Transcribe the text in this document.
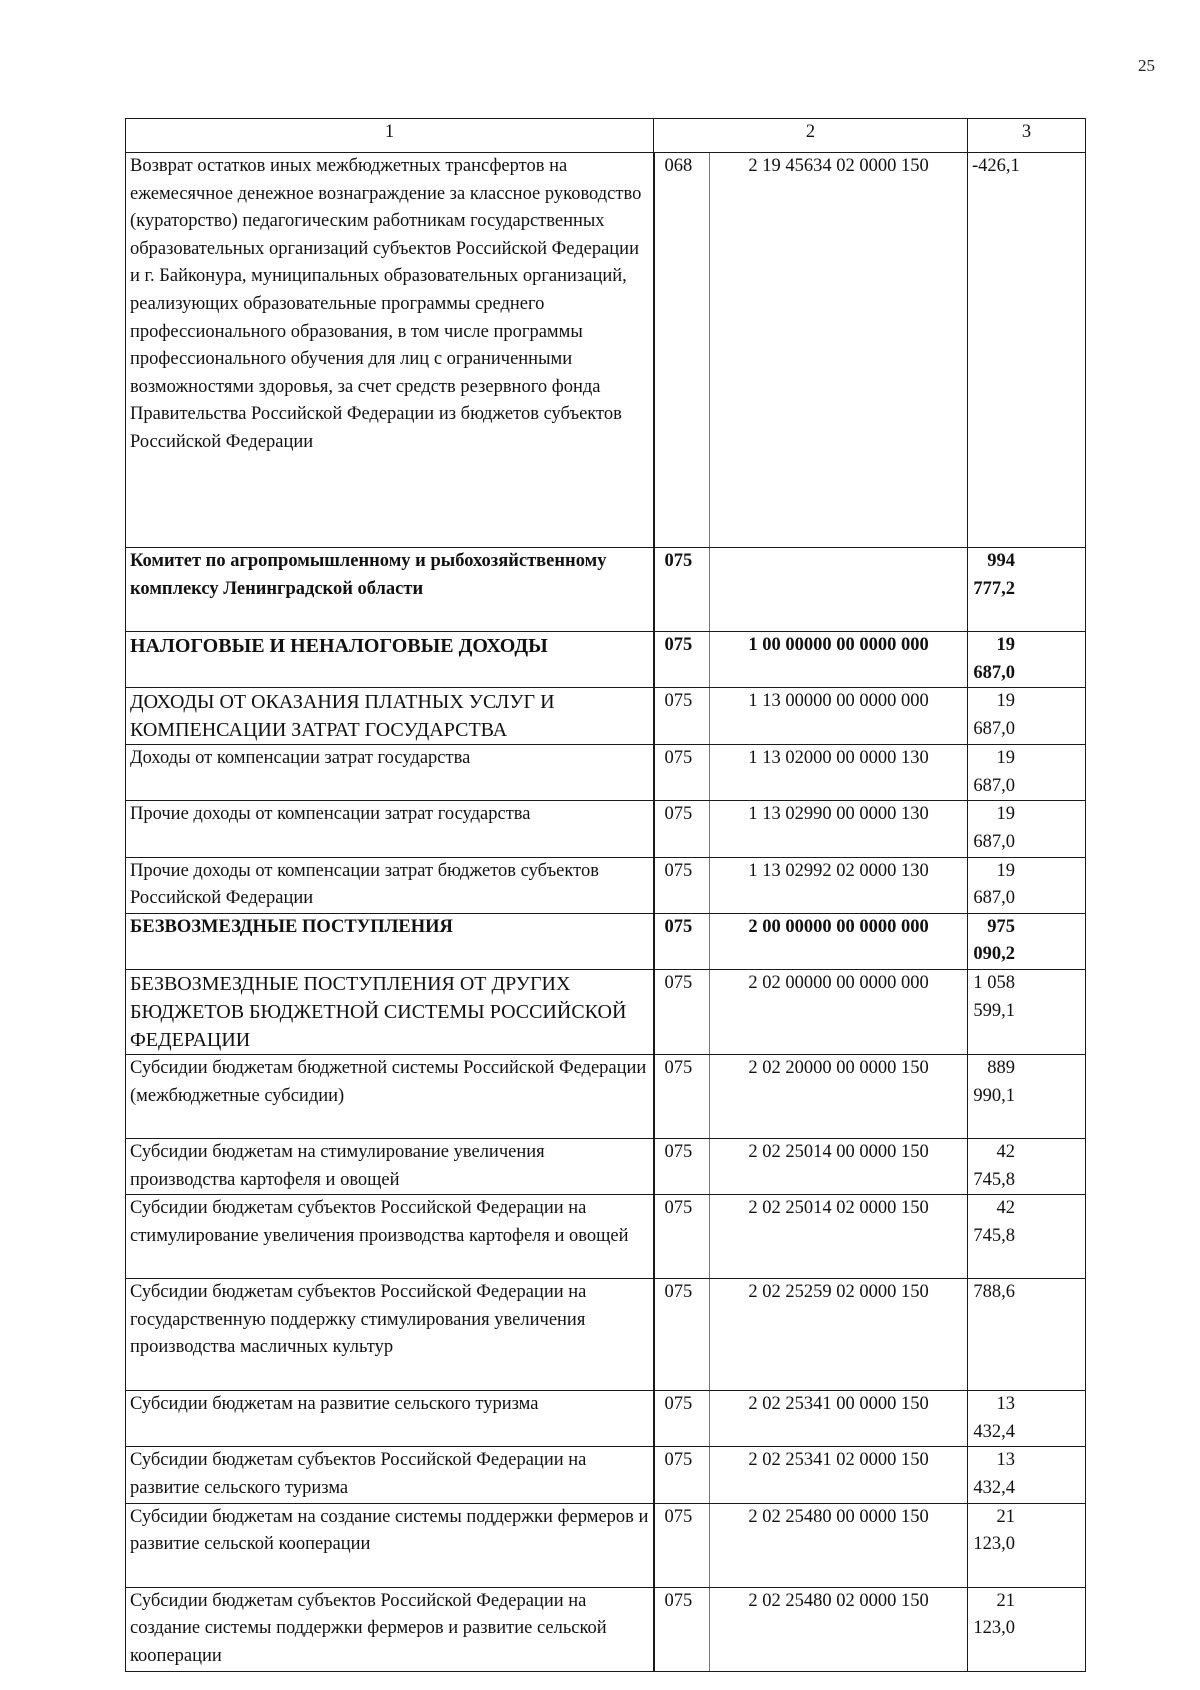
25
1	2		3
Возврат остатков иных межбюджетных трансфертов на ежемесячное денежное вознаграждение за классное руководство (кураторство) педагогическим работникам государственных образовательных организаций субъектов Российской Федерации и г. Байконура, муниципальных образовательных организаций, реализующих образовательные программы среднего профессионального образования, в том числе программы профессионального обучения для лиц с ограниченными возможностями здоровья, за счет средств резервного фонда Правительства Российской Федерации из бюджетов субъектов Российской Федерации	068	2 19 45634 02 0000 150	-426,1
Комитет по агропромышленному и рыбохозяйственному комплексу Ленинградской области	075		994 777,2
НАЛОГОВЫЕ И НЕНАЛОГОВЫЕ ДОХОДЫ	075	1 00 00000 00 0000 000	19 687,0
ДОХОДЫ ОТ ОКАЗАНИЯ ПЛАТНЫХ УСЛУГ И КОМПЕНСАЦИИ ЗАТРАТ ГОСУДАРСТВА	075	1 13 00000 00 0000 000	19 687,0
Доходы от компенсации затрат государства	075	1 13 02000 00 0000 130	19 687,0
Прочие доходы от компенсации затрат государства	075	1 13 02990 00 0000 130	19 687,0
Прочие доходы от компенсации затрат бюджетов субъектов Российской Федерации	075	1 13 02992 02 0000 130	19 687,0
БЕЗВОЗМЕЗДНЫЕ ПОСТУПЛЕНИЯ	075	2 00 00000 00 0000 000	975 090,2
БЕЗВОЗМЕЗДНЫЕ ПОСТУПЛЕНИЯ ОТ ДРУГИХ БЮДЖЕТОВ БЮДЖЕТНОЙ СИСТЕМЫ РОССИЙСКОЙ ФЕДЕРАЦИИ	075	2 02 00000 00 0000 000	1 058 599,1
Субсидии бюджетам бюджетной системы Российской Федерации (межбюджетные субсидии)	075	2 02 20000 00 0000 150	889 990,1
Субсидии бюджетам на стимулирование увеличения производства картофеля и овощей	075	2 02 25014 00 0000 150	42 745,8
Субсидии бюджетам субъектов Российской Федерации на стимулирование увеличения производства картофеля и овощей	075	2 02 25014 02 0000 150	42 745,8
Субсидии бюджетам субъектов Российской Федерации на государственную поддержку стимулирования увеличения производства масличных культур	075	2 02 25259 02 0000 150	788,6
Субсидии бюджетам на развитие сельского туризма	075	2 02 25341 00 0000 150	13 432,4
Субсидии бюджетам субъектов Российской Федерации на развитие сельского туризма	075	2 02 25341 02 0000 150	13 432,4
Субсидии бюджетам на создание системы поддержки фермеров и развитие сельской кооперации	075	2 02 25480 00 0000 150	21 123,0
Субсидии бюджетам субъектов Российской Федерации на создание системы поддержки фермеров и развитие сельской кооперации	075	2 02 25480 02 0000 150	21 123,0
